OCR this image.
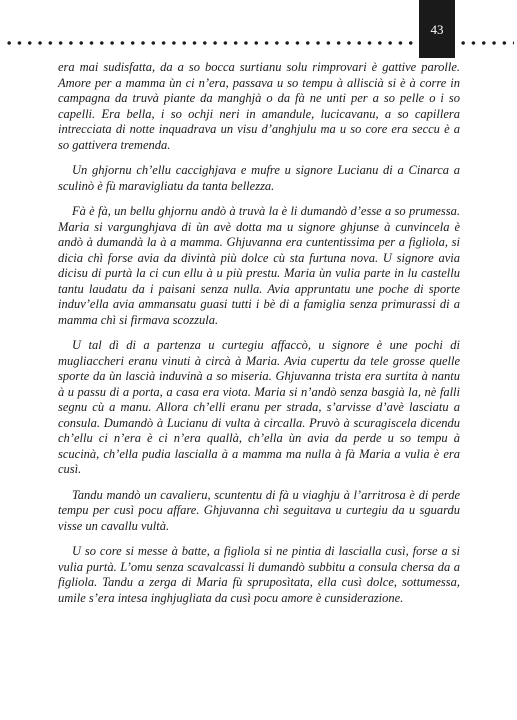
43

era mai sudisfatta, da a so bocca surtianu solu rimprovari è gattive parolle. Amore per a mamma ùn ci n’era, passava u so tempu à alliscià si è à corre in campagna da truvà piante da manghjà o da fà ne unti per a so pelle o i so capelli. Era bella, i so ochji neri in amandule, lucicavanu, a so capillera intrecciata di notte inquadrava un visu d’anghjulu ma u so core era seccu è a so gattivera tremenda.

Un ghjornu ch’ellu caccighjava e mufre u signore Lucianu di a Cinarca a sculinò è fù maravigliatu da tanta bellezza.

Fà è fà, un bellu ghjornu andò à truvà la è li dumandò d’esse a so prumessa. Maria si vargunghjava di ùn avè dotta ma u signore ghjunse à cunvincela è andò à dumandà la à a mamma. Ghjuvanna era cuntentissima per a figliola, si dicia chì forse avia da divintà più dolce cù sta furtuna nova. U signore avia dicisu di purtà la ci cun ellu à u più prestu. Maria ùn vulia parte in lu castellu tantu laudatu da i paisani senza nulla. Avia appruntatu une poche di sporte induv’ella avia ammansatu guasi tutti i bè di a famiglia senza primurassi di a mamma chì si firmava scozzula.

U tal dì di a partenza u curtegiu affaccò, u signore è une pochi di mugliaccheri eranu vinuti à circà à Maria. Avia cupertu da tele grosse quelle sporte da ùn lascià induvinà a so miseria. Ghjuvanna trista era surtita à nantu à u passu di a porta, a casa era viota. Maria si n’andò senza basgià la, nè falli segnu cù a manu. Allora ch’elli eranu per strada, s’arvisse d’avè lasciatu a consula. Dumandò à Lucianu di vulta à circalla. Pruvò à scuragiscela dicendu ch’ellu ci n’era è ci n’era quallà, ch’ella ùn avia da perde u so tempu à scucinà, ch’ella pudia lascialla à a mamma ma nulla à fà Maria a vulia è era cusì.

Tandu mandò un cavalieru, scuntentu di fà u viaghju à l’arritrosa è di perde tempu per cusì pocu affare. Ghjuvanna chì seguitava u curtegiu da u sguardu visse un cavallu vultà.

U so core si messe à batte, a figliola si ne pintia di lascialla cusì, forse a si vulia purtà. L’omu senza scavalcassi li dumandò subbitu a consula chersa da a figliola. Tandu a zerga di Maria fù spruposìtata, ella cusì dolce, sottumessa, umile s’era intesa inghjugliata da cusì pocu amore è cunsiderazione.
